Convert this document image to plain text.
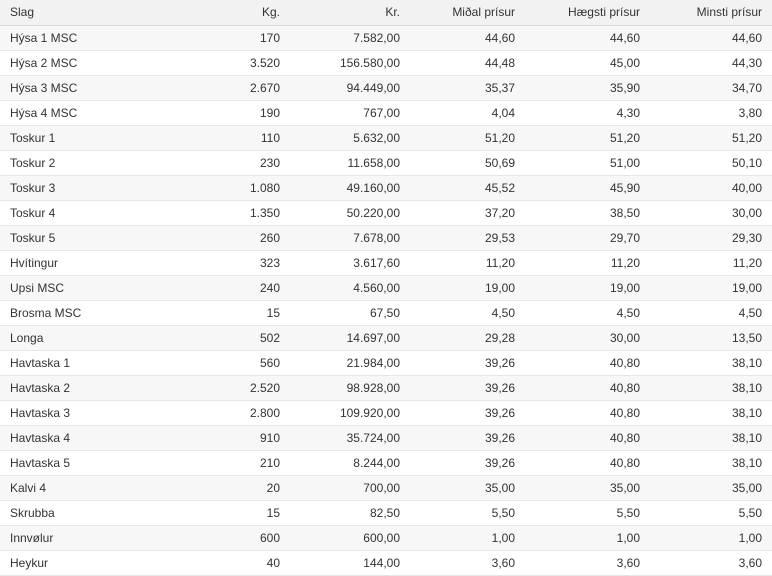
Slag	Kg.	Kr.	Miðal prísur	Hægsti prísur	Minsti prísur
Hýsa 1 MSC	170	7.582,00	44,60	44,60	44,60
Hýsa 2 MSC	3.520	156.580,00	44,48	45,00	44,30
Hýsa 3 MSC	2.670	94.449,00	35,37	35,90	34,70
Hýsa 4 MSC	190	767,00	4,04	4,30	3,80
Toskur 1	110	5.632,00	51,20	51,20	51,20
Toskur 2	230	11.658,00	50,69	51,00	50,10
Toskur 3	1.080	49.160,00	45,52	45,90	40,00
Toskur 4	1.350	50.220,00	37,20	38,50	30,00
Toskur 5	260	7.678,00	29,53	29,70	29,30
Hvítingur	323	3.617,60	11,20	11,20	11,20
Upsi MSC	240	4.560,00	19,00	19,00	19,00
Brosma MSC	15	67,50	4,50	4,50	4,50
Longa	502	14.697,00	29,28	30,00	13,50
Havtaska 1	560	21.984,00	39,26	40,80	38,10
Havtaska 2	2.520	98.928,00	39,26	40,80	38,10
Havtaska 3	2.800	109.920,00	39,26	40,80	38,10
Havtaska 4	910	35.724,00	39,26	40,80	38,10
Havtaska 5	210	8.244,00	39,26	40,80	38,10
Kalvi 4	20	700,00	35,00	35,00	35,00
Skrubba	15	82,50	5,50	5,50	5,50
Innvølur	600	600,00	1,00	1,00	1,00
Heykur	40	144,00	3,60	3,60	3,60
